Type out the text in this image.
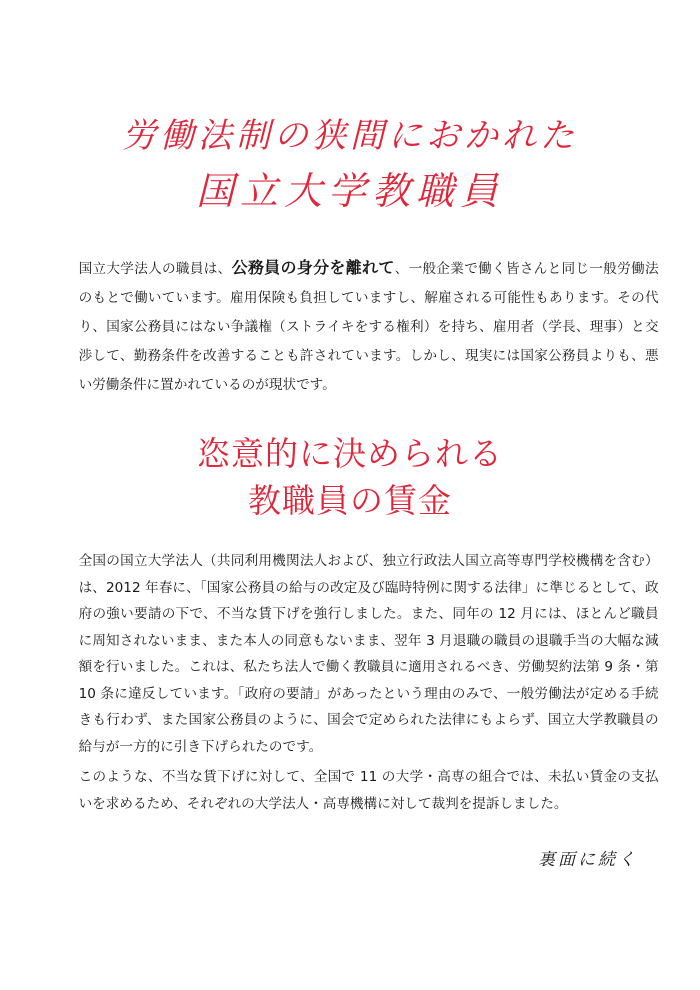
労働法制の狭間におかれた
国立大学教職員

国立大学法人の職員は、公務員の身分を離れて、一般企業で働く皆さんと同じ一般労働法のもとで働いています。雇用保険も負担していますし、解雇される可能性もあります。その代り、国家公務員にはない争議権（ストライキをする権利）を持ち、雇用者（学長、理事）と交渉して、勤務条件を改善することも許されています。しかし、現実には国家公務員よりも、悪い労働条件に置かれているのが現状です。

恣意的に決められる
教職員の賃金

全国の国立大学法人（共同利用機関法人および、独立行政法人国立高等専門学校機構を含む）は、2012 年春に、「国家公務員の給与の改定及び臨時特例に関する法律」に準じるとして、政府の強い要請の下で、不当な賃下げを強行しました。また、同年の 12 月には、ほとんど職員に周知されないまま、また本人の同意もないまま、翌年 3 月退職の職員の退職手当の大幅な減額を行いました。これは、私たち法人で働く教職員に適用されるべき、労働契約法第 9 条・第 10 条に違反しています。「政府の要請」があったという理由のみで、一般労働法が定める手続きも行わず、また国家公務員のように、国会で定められた法律にもよらず、国立大学教職員の給与が一方的に引き下げられたのです。

このような、不当な賃下げに対して、全国で 11 の大学・高専の組合では、未払い賃金の支払いを求めるため、それぞれの大学法人・高専機構に対して裁判を提訴しました。

裏面に続く
